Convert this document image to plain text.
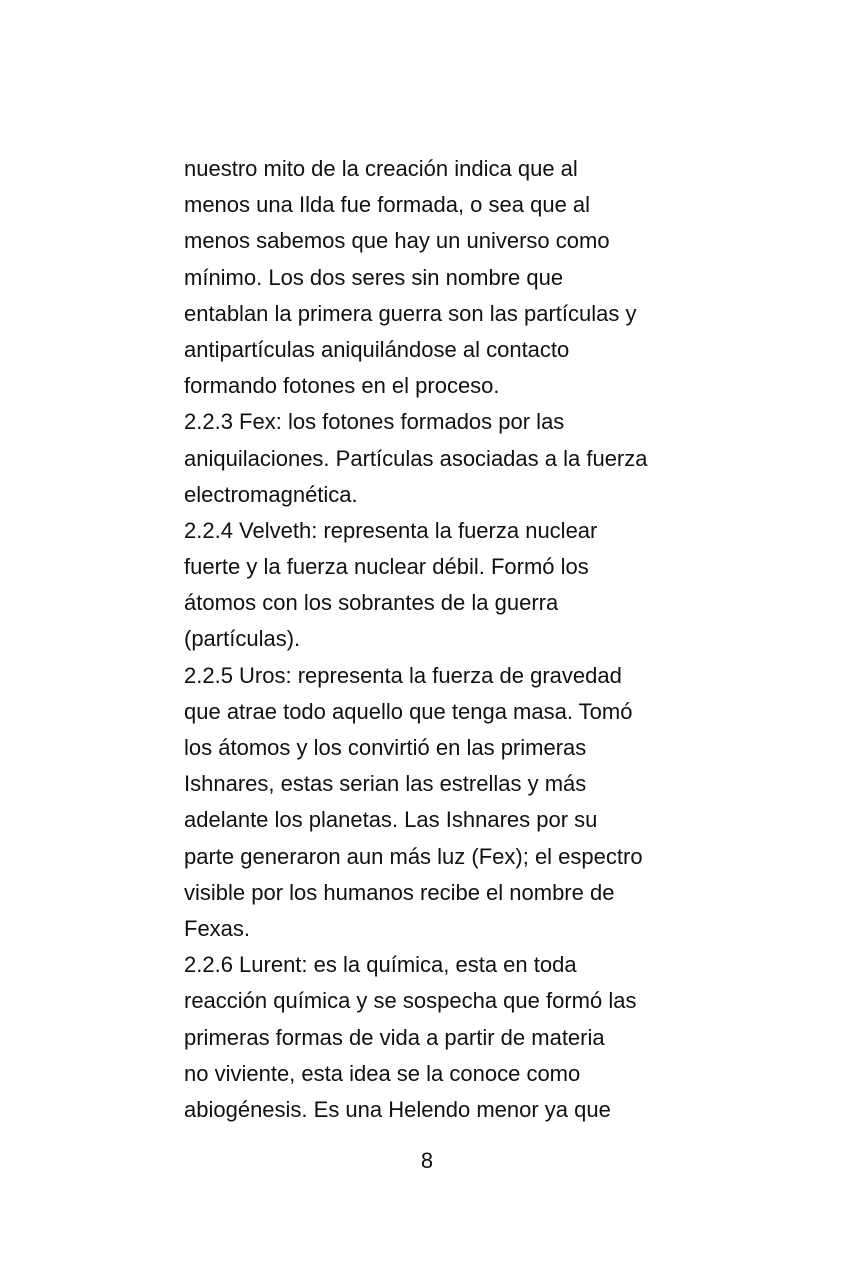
nuestro mito de la creación indica que al
menos una Ilda fue formada, o sea que al
menos sabemos que hay un universo como
mínimo. Los dos seres sin nombre que
entablan la primera guerra son las partículas y
antipartículas aniquilándose al contacto
formando fotones en el proceso.
2.2.3 Fex: los fotones formados por las
aniquilaciones. Partículas asociadas a la fuerza
electromagnética.
2.2.4 Velveth: representa la fuerza nuclear
fuerte y la fuerza nuclear débil. Formó los
átomos con los sobrantes de la guerra
(partículas).
2.2.5 Uros: representa la fuerza de gravedad
que atrae todo aquello que tenga masa. Tomó
los átomos y los convirtió en las primeras
Ishnares, estas serian las estrellas y más
adelante los planetas. Las Ishnares por su
parte generaron aun más luz (Fex); el espectro
visible por los humanos recibe el nombre de
Fexas.
2.2.6 Lurent: es la química, esta en toda
reacción química y se sospecha que formó las
primeras formas de vida a partir de materia
no viviente, esta idea se la conoce como
abiogénesis. Es una Helendo menor ya que
8
